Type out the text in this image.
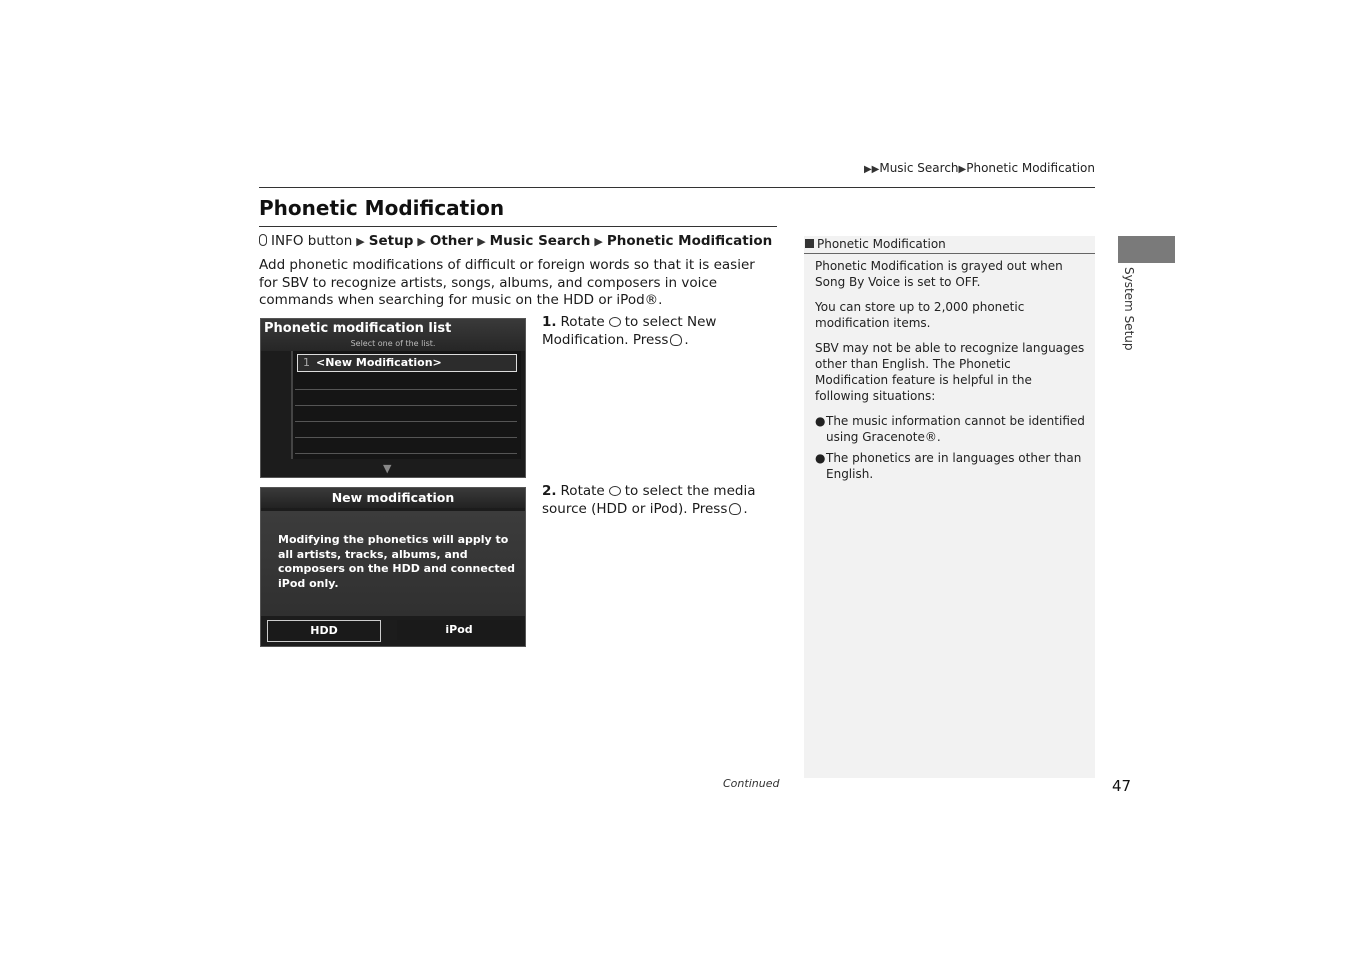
▶▶Music Search▶Phonetic Modification
Phonetic Modification
INFO button ▶ Setup ▶ Other ▶ Music Search ▶ Phonetic Modification
Add phonetic modifications of difficult or foreign words so that it is easier for SBV to recognize artists, songs, albums, and composers in voice commands when searching for music on the HDD or iPod®.
Phonetic modification list
Select one of the list.
1 <New Modification>
▼
1. Rotate to select New Modification. Press .
New modification
Modifying the phonetics will apply to all artists, tracks, albums, and composers on the HDD and connected iPod only.
HDD	iPod
2. Rotate to select the media source (HDD or iPod). Press .
Continued
Phonetic Modification

Phonetic Modification is grayed out when Song By Voice is set to OFF.

You can store up to 2,000 phonetic modification items.

SBV may not be able to recognize languages other than English. The Phonetic Modification feature is helpful in the following situations:

● The music information cannot be identified using Gracenote®.
● The phonetics are in languages other than English.
System Setup
47
